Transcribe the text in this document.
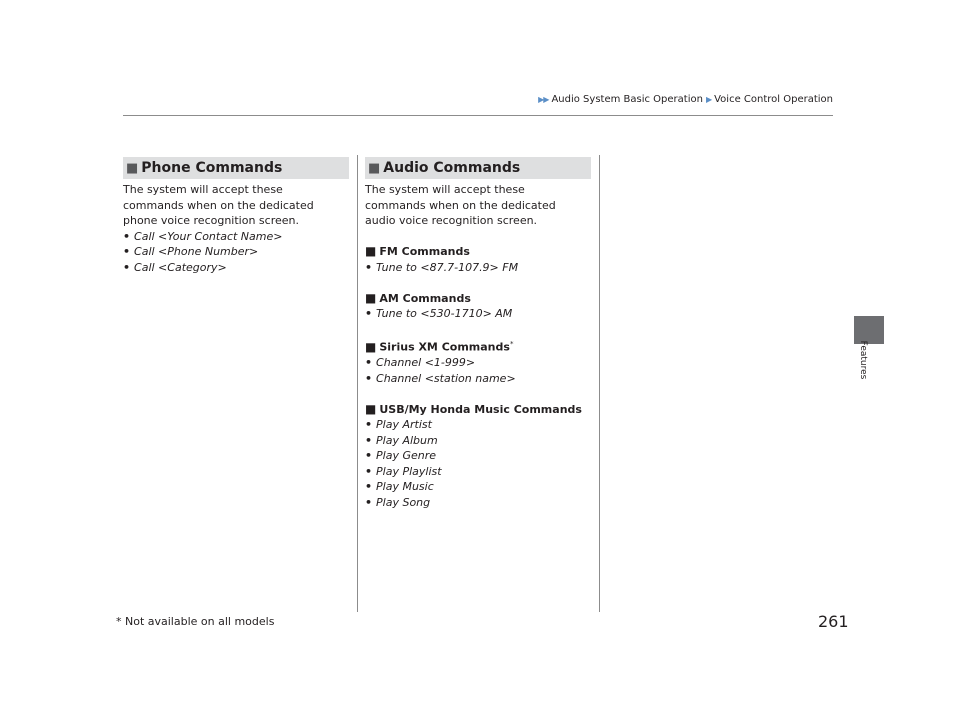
▶▶ Audio System Basic Operation ▶ Voice Control Operation
Features
■ Phone Commands

The system will accept these commands when on the dedicated phone voice recognition screen.

• Call <Your Contact Name>

• Call <Phone Number>

• Call <Category>

■ Audio Commands

The system will accept these commands when on the dedicated audio voice recognition screen.

■ FM Commands

• Tune to <87.7-107.9> FM

■ AM Commands

• Tune to <530-1710> AM

■ Sirius XM Commands*

• Channel <1-999>

• Channel <station name>

■ USB/My Honda Music Commands

• Play Artist

• Play Album

• Play Genre

• Play Playlist

• Play Music

• Play Song

* Not available on all models	261
